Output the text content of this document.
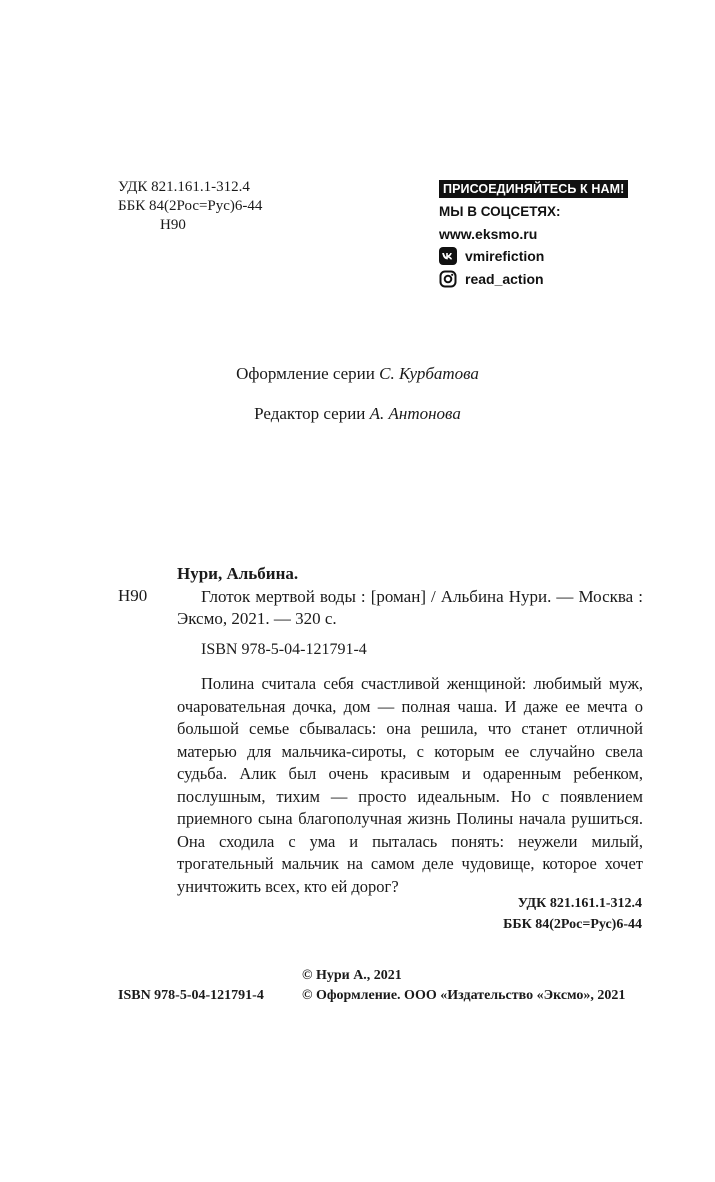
УДК 821.161.1-312.4
ББК 84(2Рос=Рус)6-44
Н90
ПРИСОЕДИНЯЙТЕСЬ К НАМ!
МЫ В СОЦСЕТЯХ:
www.eksmo.ru
vmirefiction
read_action
Оформление серии С. Курбатова
Редактор серии А. Антонова
Нури, Альбина.
Н90	Глоток мертвой воды : [роман] / Альбина Нури. — Москва : Эксмо, 2021. — 320 с.
ISBN 978-5-04-121791-4
Полина считала себя счастливой женщиной: любимый муж, очаровательная дочка, дом — полная чаша. И даже ее мечта о большой семье сбывалась: она решила, что станет отличной матерью для мальчика-сироты, с которым ее случайно свела судьба. Алик был очень красивым и одаренным ребенком, послушным, тихим — просто идеальным. Но с появлением приемного сына благополучная жизнь Полины начала рушиться. Она сходила с ума и пыталась понять: неужели милый, трогательный мальчик на самом деле чудовище, которое хочет уничтожить всех, кто ей дорог?
УДК 821.161.1-312.4
ББК 84(2Рос=Рус)6-44
© Нури А., 2021
ISBN 978-5-04-121791-4	© Оформление. ООО «Издательство «Эксмо», 2021
